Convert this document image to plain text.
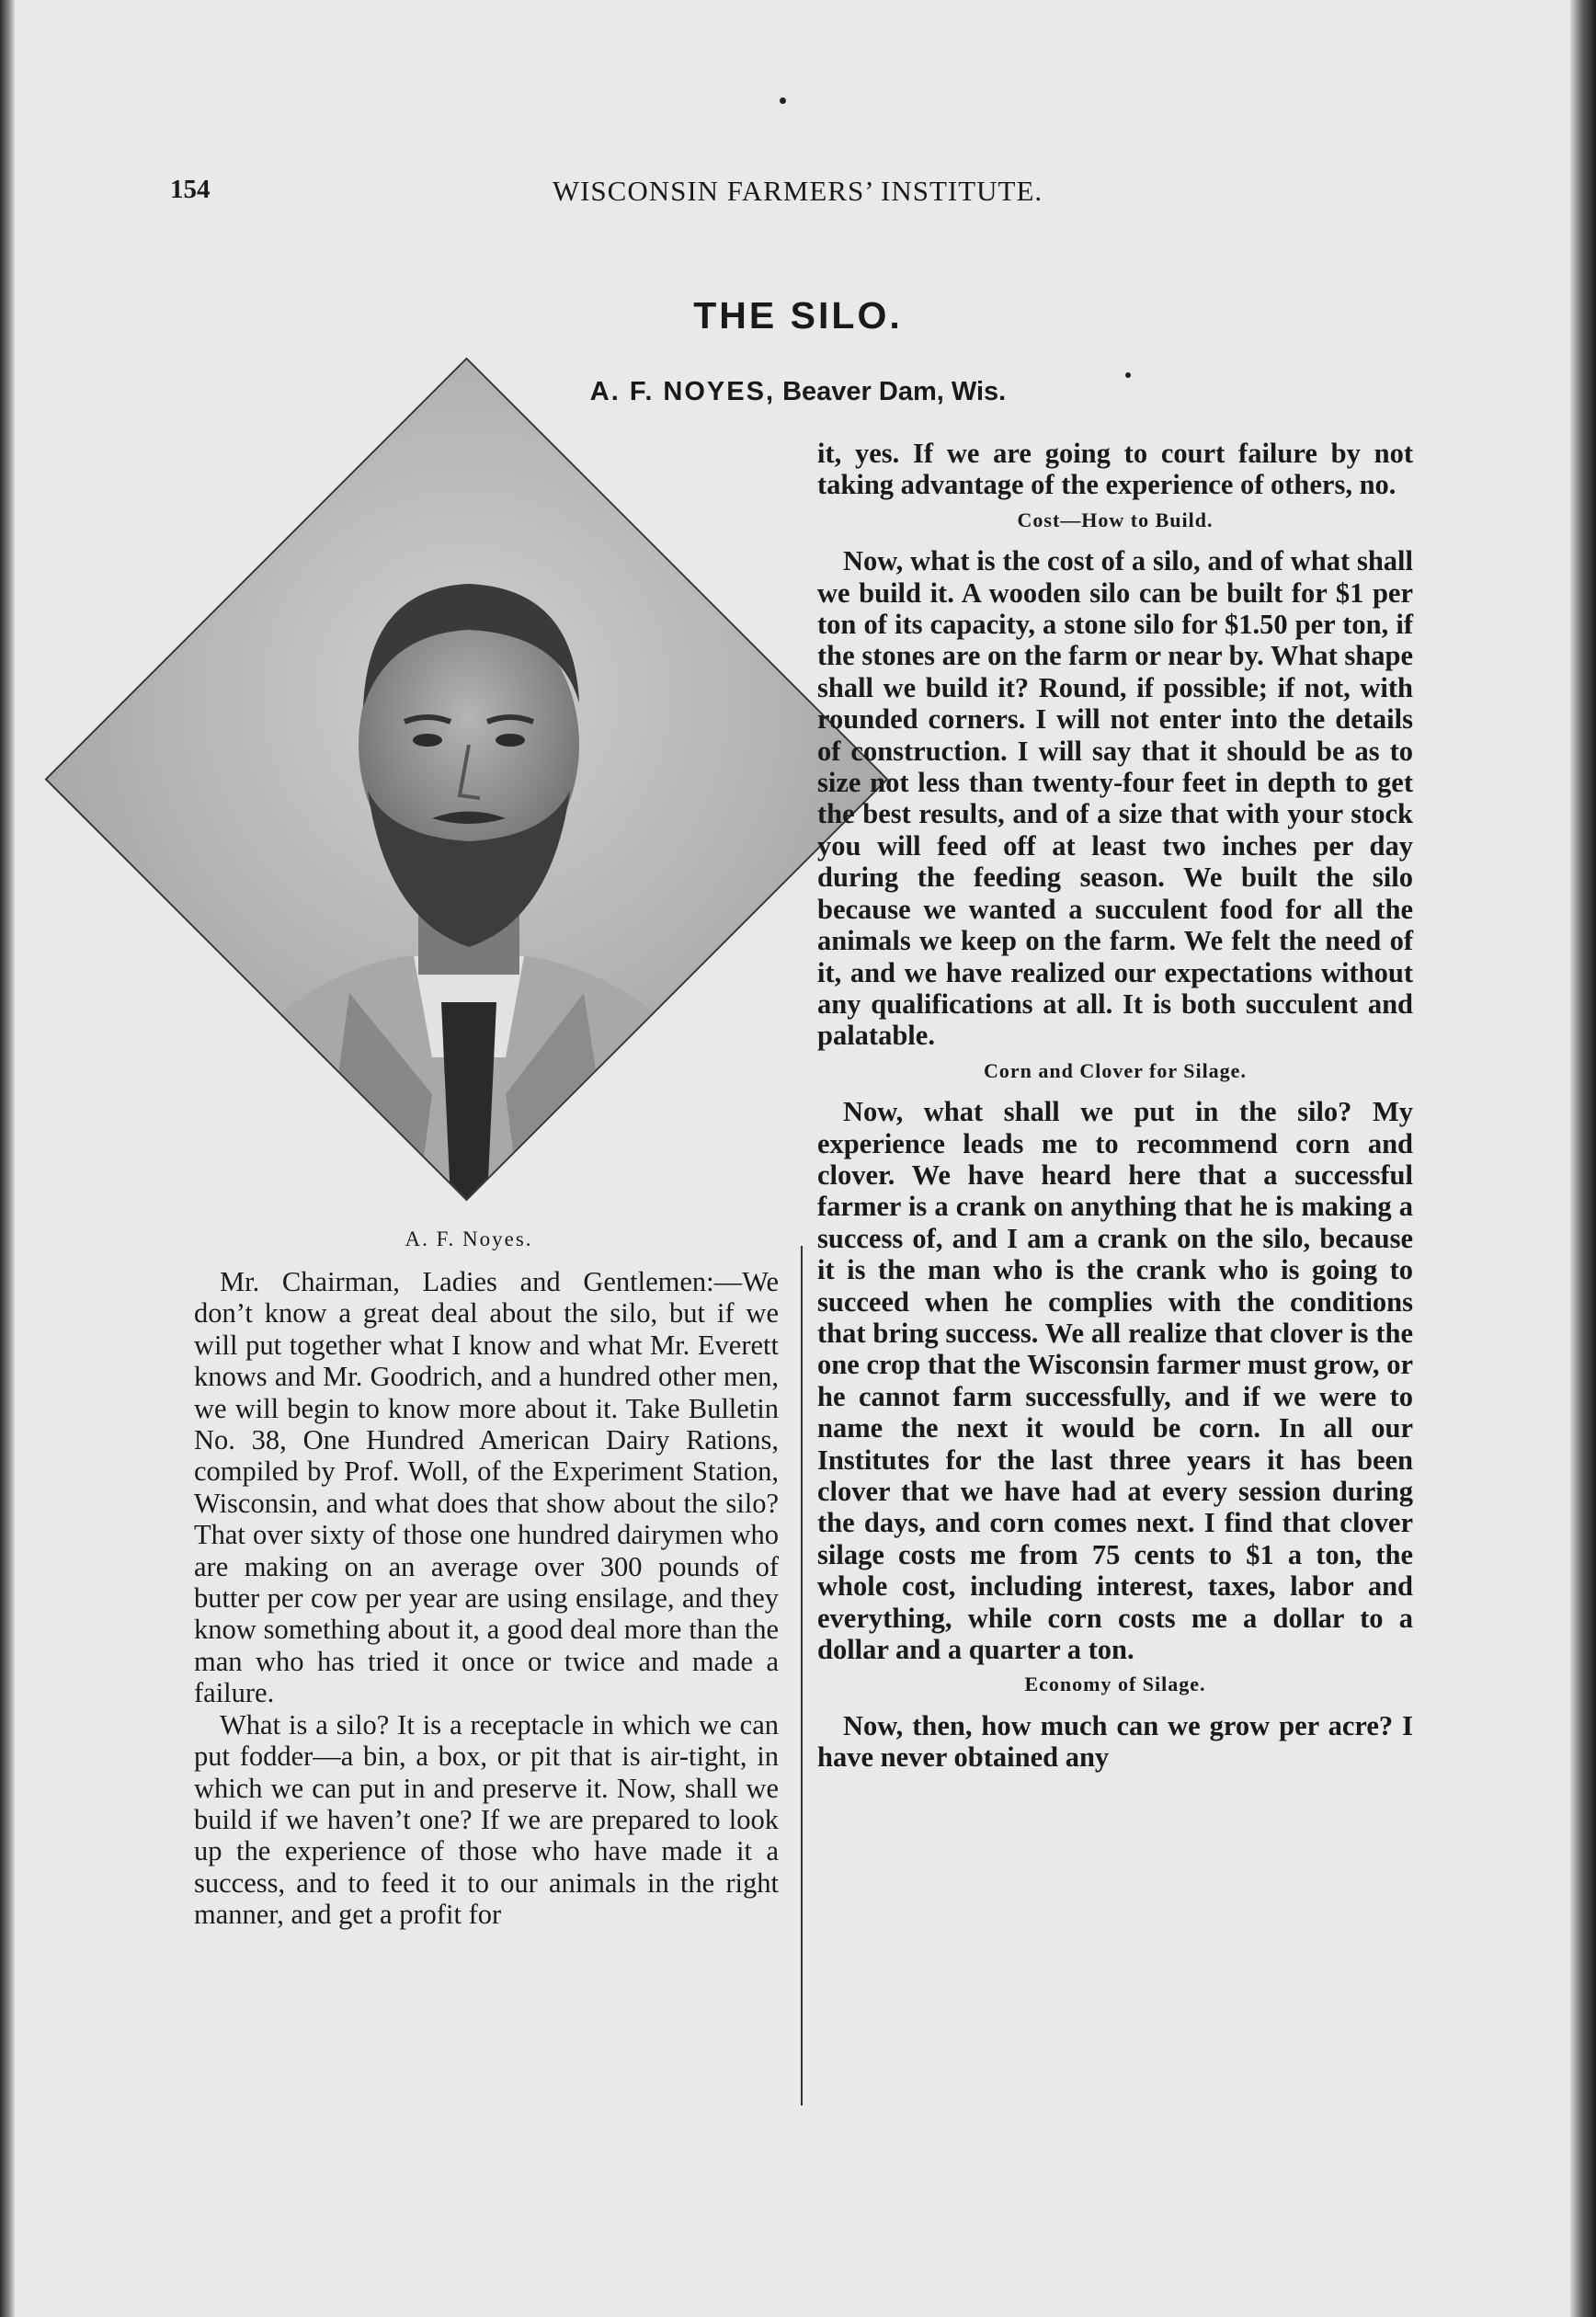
154	WISCONSIN FARMERS’ INSTITUTE.
THE SILO.
A. F. NOYES, Beaver Dam, Wis.
A. F. Noyes.

Mr. Chairman, Ladies and Gentlemen:—We don’t know a great deal about the silo, but if we will put together what I know and what Mr. Everett knows and Mr. Goodrich, and a hundred other men, we will begin to know more about it. Take Bulletin No. 38, One Hundred American Dairy Rations, compiled by Prof. Woll, of the Experiment Station, Wisconsin, and what does that show about the silo? That over sixty of those one hundred dairymen who are making on an average over 300 pounds of butter per cow per year are using ensilage, and they know something about it, a good deal more than the man who has tried it once or twice and made a failure.

What is a silo? It is a receptacle in which we can put fodder—a bin, a box, or pit that is air-tight, in which we can put in and preserve it. Now, shall we build if we haven’t one? If we are prepared to look up the experience of those who have made it a success, and to feed it to our animals in the right manner, and get a profit for

it, yes. If we are going to court failure by not taking advantage of the experience of others, no.

Cost—How to Build.

Now, what is the cost of a silo, and of what shall we build it. A wooden silo can be built for $1 per ton of its capacity, a stone silo for $1.50 per ton, if the stones are on the farm or near by. What shape shall we build it? Round, if possible; if not, with rounded corners. I will not enter into the details of construction. I will say that it should be as to size not less than twenty-four feet in depth to get the best results, and of a size that with your stock you will feed off at least two inches per day during the feeding season. We built the silo because we wanted a succulent food for all the animals we keep on the farm. We felt the need of it, and we have realized our expectations without any qualifications at all. It is both succulent and palatable.

Corn and Clover for Silage.

Now, what shall we put in the silo? My experience leads me to recommend corn and clover. We have heard here that a successful farmer is a crank on anything that he is making a success of, and I am a crank on the silo, because it is the man who is the crank who is going to succeed when he complies with the conditions that bring success. We all realize that clover is the one crop that the Wisconsin farmer must grow, or he cannot farm successfully, and if we were to name the next it would be corn. In all our Institutes for the last three years it has been clover that we have had at every session during the days, and corn comes next. I find that clover silage costs me from 75 cents to $1 a ton, the whole cost, including interest, taxes, labor and everything, while corn costs me a dollar to a dollar and a quarter a ton.

Economy of Silage.

Now, then, how much can we grow per acre? I have never obtained any
